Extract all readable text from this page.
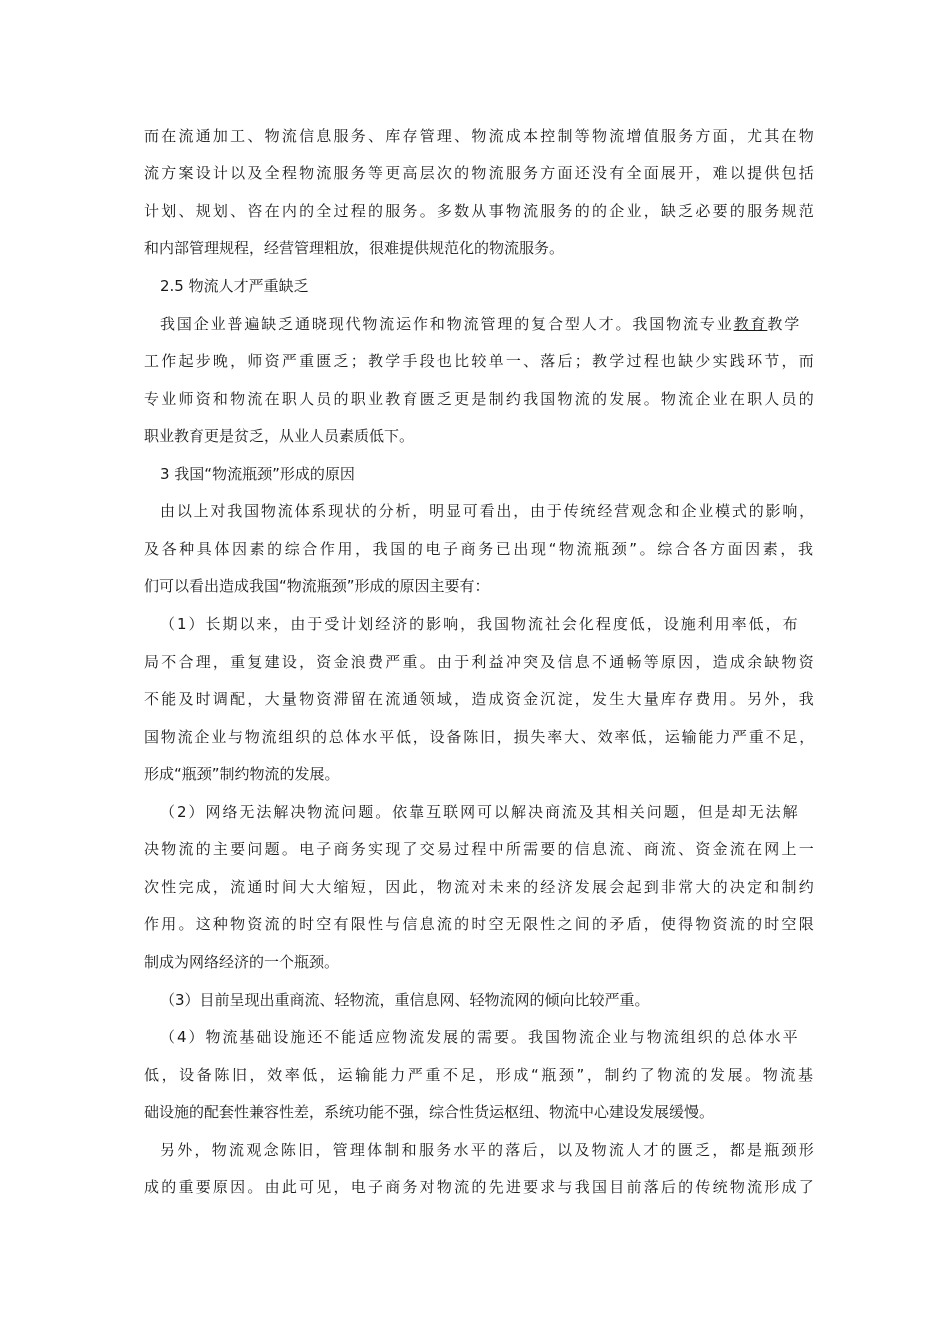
而在流通加工、物流信息服务、库存管理、物流成本控制等物流增值服务方面，尤其在物
流方案设计以及全程物流服务等更高层次的物流服务方面还没有全面展开，难以提供包括
计划、规划、咨在内的全过程的服务。多数从事物流服务的的企业，缺乏必要的服务规范
和内部管理规程，经营管理粗放，很难提供规范化的物流服务。
2.5 物流人才严重缺乏
我国企业普遍缺乏通晓现代物流运作和物流管理的复合型人才。我国物流专业教育教学
工作起步晚，师资严重匮乏；教学手段也比较单一、落后；教学过程也缺少实践环节，而
专业师资和物流在职人员的职业教育匮乏更是制约我国物流的发展。物流企业在职人员的
职业教育更是贫乏，从业人员素质低下。
3 我国“物流瓶颈”形成的原因
由以上对我国物流体系现状的分析，明显可看出，由于传统经营观念和企业模式的影响，
及各种具体因素的综合作用，我国的电子商务已出现“物流瓶颈”。综合各方面因素，我
们可以看出造成我国“物流瓶颈”形成的原因主要有：
（1）长期以来，由于受计划经济的影响，我国物流社会化程度低，设施利用率低，布
局不合理，重复建设，资金浪费严重。由于利益冲突及信息不通畅等原因，造成余缺物资
不能及时调配，大量物资滞留在流通领域，造成资金沉淀，发生大量库存费用。另外，我
国物流企业与物流组织的总体水平低，设备陈旧，损失率大、效率低，运输能力严重不足，
形成“瓶颈”制约物流的发展。
（2）网络无法解决物流问题。依靠互联网可以解决商流及其相关问题，但是却无法解
决物流的主要问题。电子商务实现了交易过程中所需要的信息流、商流、资金流在网上一
次性完成，流通时间大大缩短，因此，物流对未来的经济发展会起到非常大的决定和制约
作用。这种物资流的时空有限性与信息流的时空无限性之间的矛盾，使得物资流的时空限
制成为网络经济的一个瓶颈。
（3）目前呈现出重商流、轻物流，重信息网、轻物流网的倾向比较严重。
（4）物流基础设施还不能适应物流发展的需要。我国物流企业与物流组织的总体水平
低，设备陈旧，效率低，运输能力严重不足，形成“瓶颈”，制约了物流的发展。物流基
础设施的配套性兼容性差，系统功能不强，综合性货运枢纽、物流中心建设发展缓慢。
另外，物流观念陈旧，管理体制和服务水平的落后，以及物流人才的匮乏，都是瓶颈形
成的重要原因。由此可见，电子商务对物流的先进要求与我国目前落后的传统物流形成了
